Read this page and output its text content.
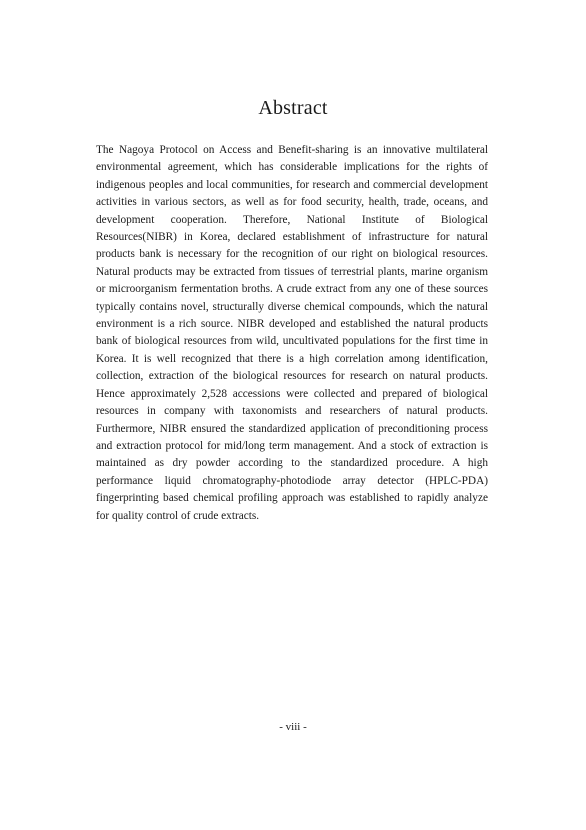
Abstract

The Nagoya Protocol on Access and Benefit-sharing is an innovative multilateral environmental agreement, which has considerable implications for the rights of indigenous peoples and local communities, for research and commercial development activities in various sectors, as well as for food security, health, trade, oceans, and development cooperation. Therefore, National Institute of Biological Resources(NIBR) in Korea, declared establishment of infrastructure for natural products bank is necessary for the recognition of our right on biological resources. Natural products may be extracted from tissues of terrestrial plants, marine organism or microorganism fermentation broths. A crude extract from any one of these sources typically contains novel, structurally diverse chemical compounds, which the natural environment is a rich source. NIBR developed and established the natural products bank of biological resources from wild, uncultivated populations for the first time in Korea. It is well recognized that there is a high correlation among identification, collection, extraction of the biological resources for research on natural products. Hence approximately 2,528 accessions were collected and prepared of biological resources in company with taxonomists and researchers of natural products. Furthermore, NIBR ensured the standardized application of preconditioning process and extraction protocol for mid/long term management. And a stock of extraction is maintained as dry powder according to the standardized procedure. A high performance liquid chromatography-photodiode array detector (HPLC-PDA) fingerprinting based chemical profiling approach was established to rapidly analyze for quality control of crude extracts.

- viii -
